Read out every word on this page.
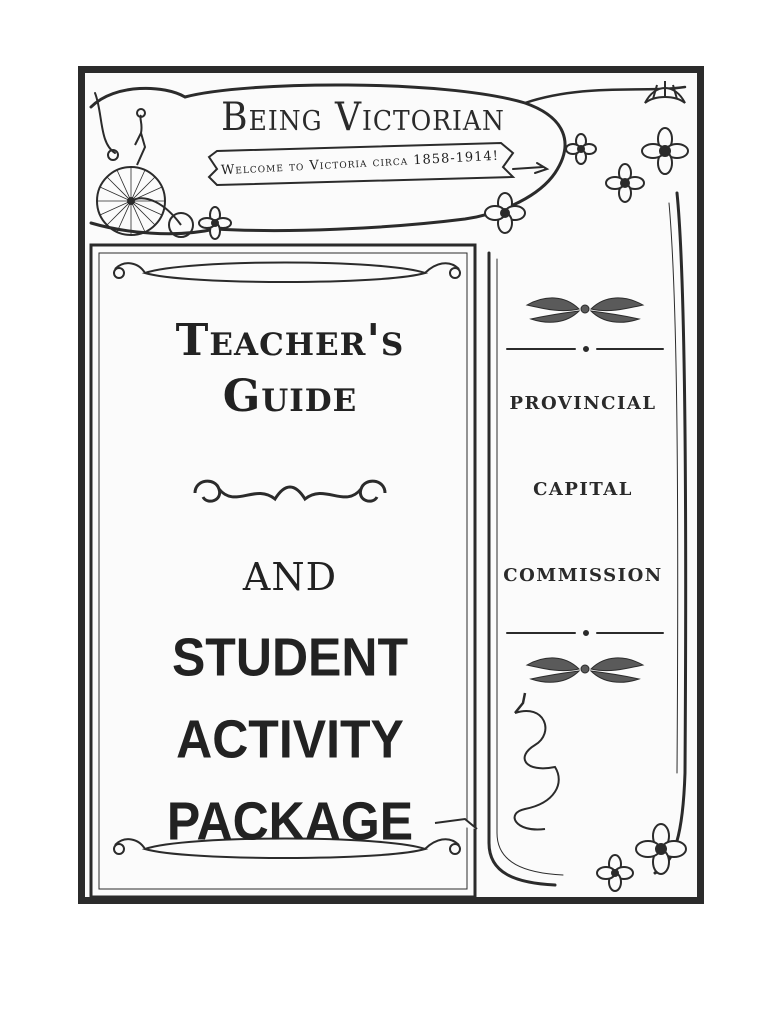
Being Victorian
Welcome to Victoria circa 1858-1914!
Teacher's
Guide
AND
STUDENT
ACTIVITY
PACKAGE
PROVINCIAL
CAPITAL
COMMISSION
